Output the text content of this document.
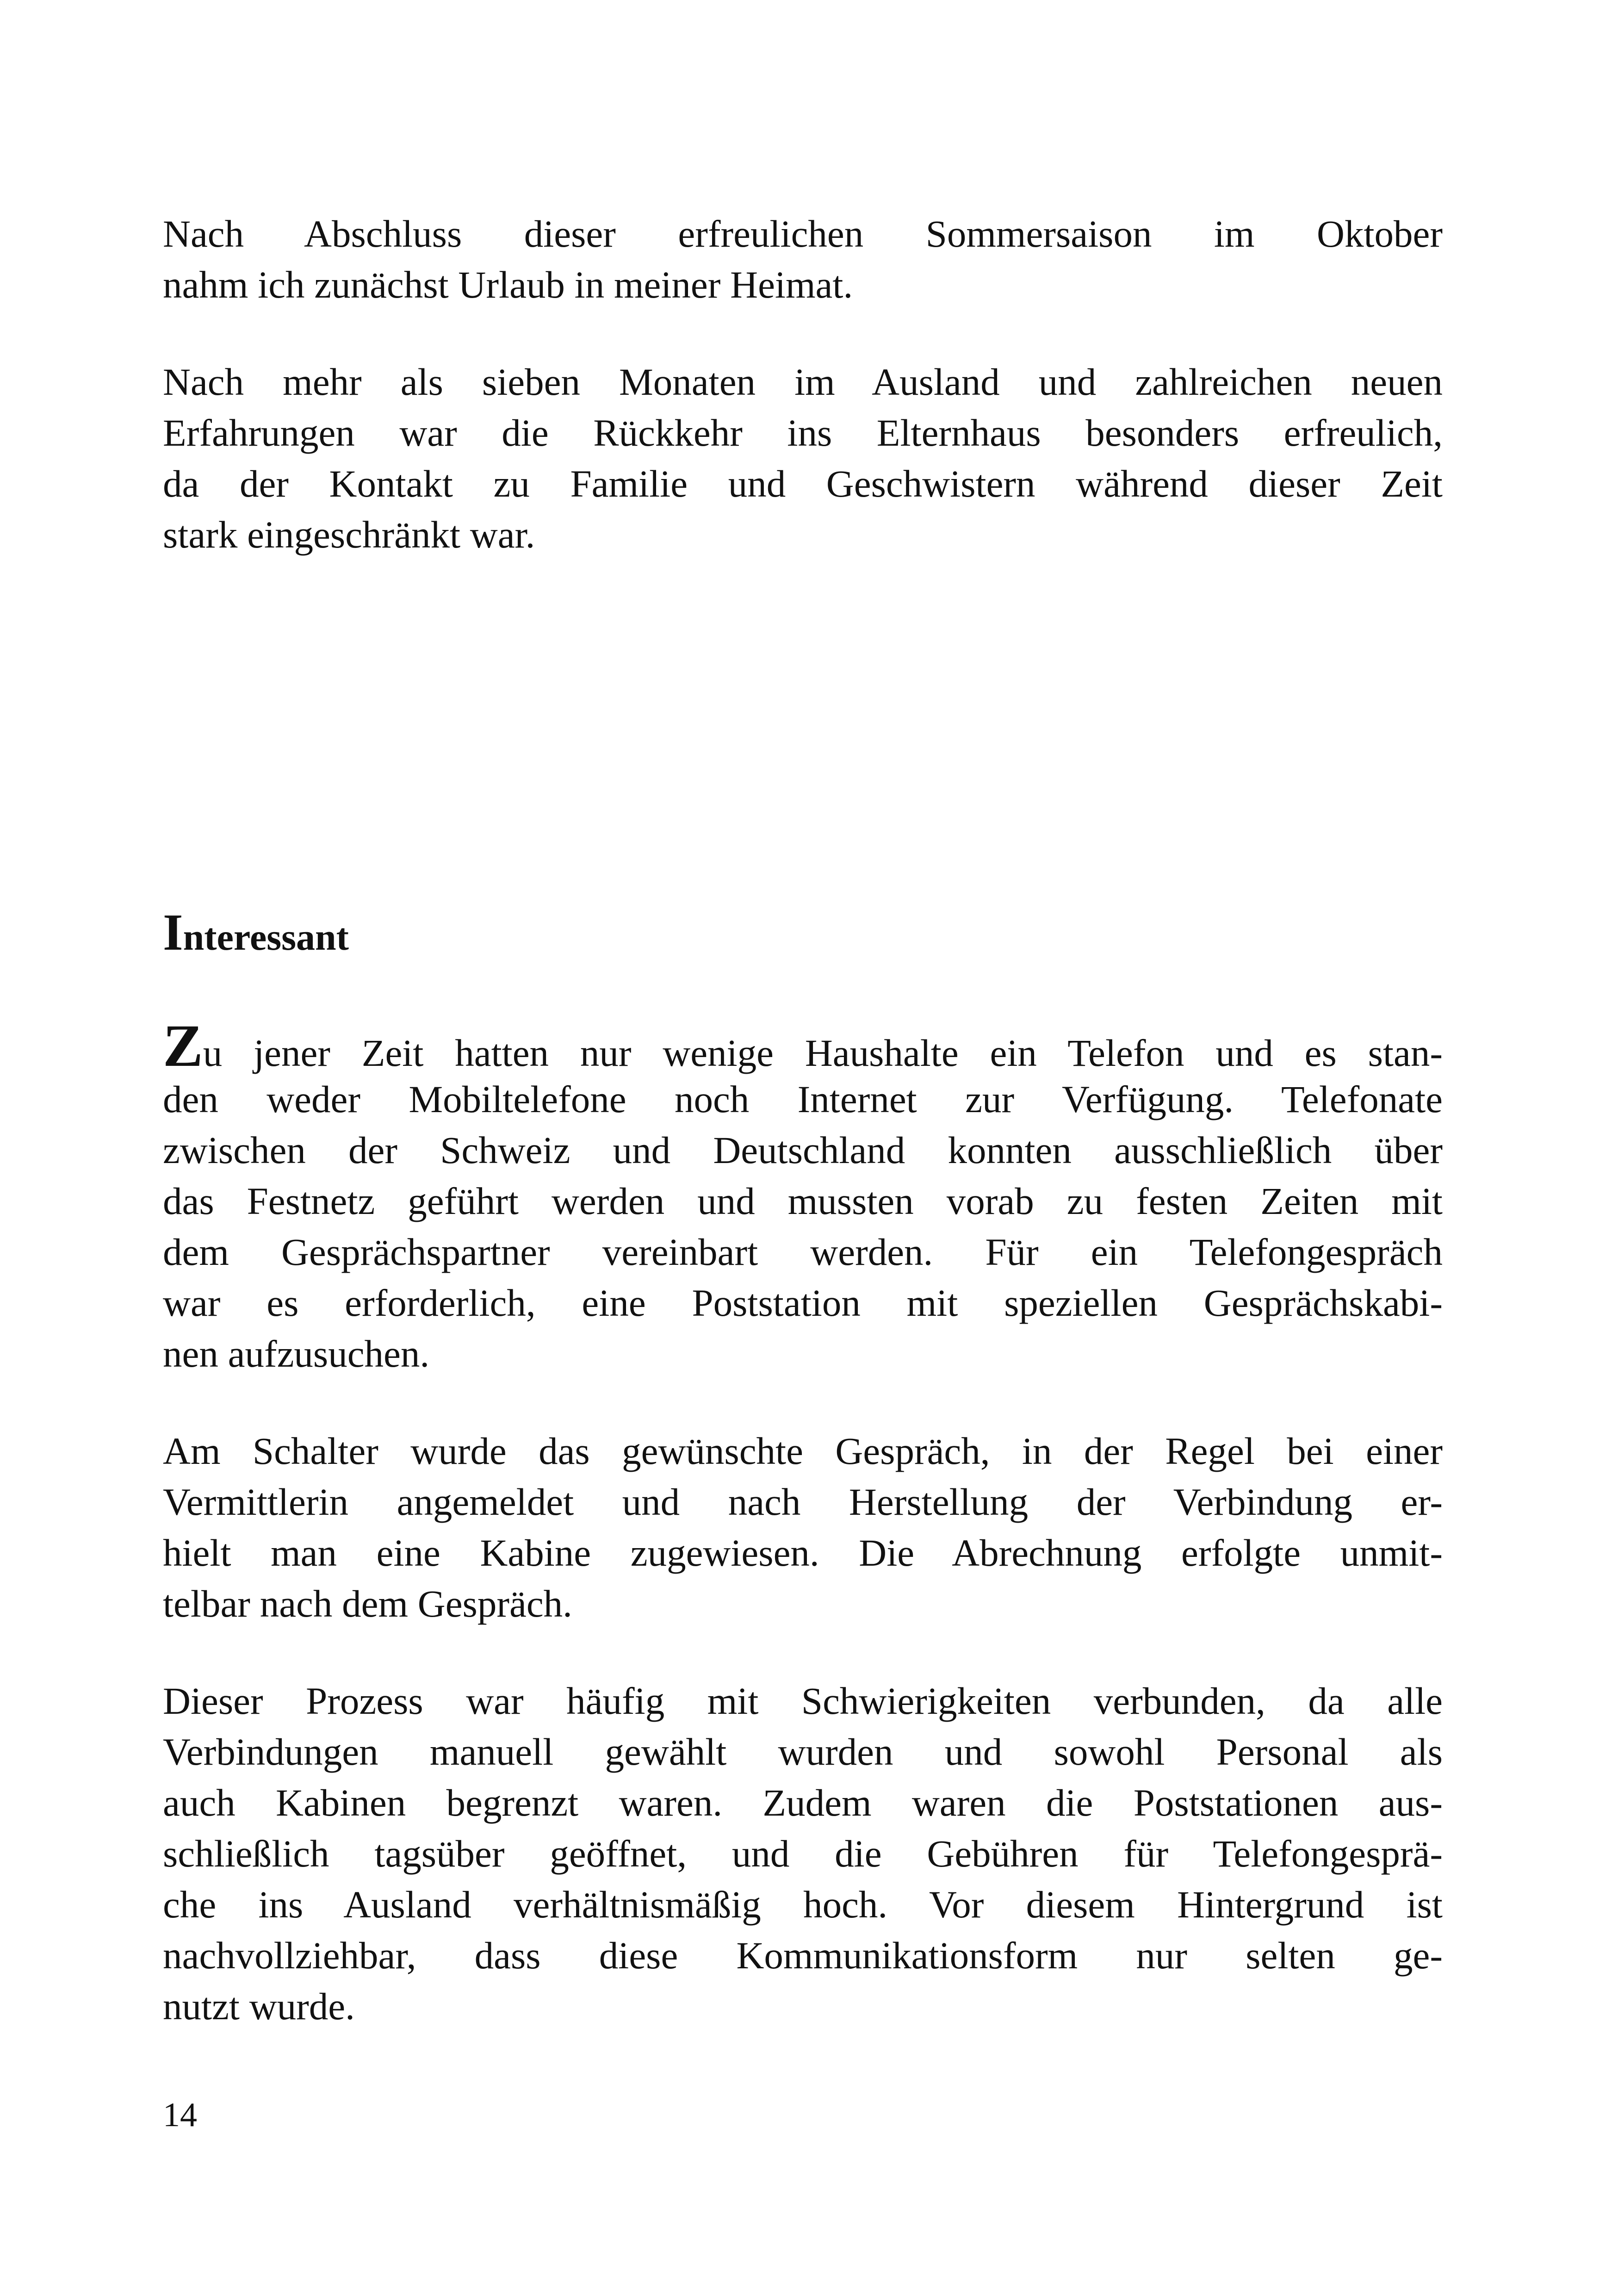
Nach Abschluss dieser erfreulichen Sommersaison im Oktober
nahm ich zunächst Urlaub in meiner Heimat.
Nach mehr als sieben Monaten im Ausland und zahlreichen neuen
Erfahrungen war die Rückkehr ins Elternhaus besonders erfreulich,
da der Kontakt zu Familie und Geschwistern während dieser Zeit
stark eingeschränkt war.
Interessant
Zu jener Zeit hatten nur wenige Haushalte ein Telefon und es stan-
den weder Mobiltelefone noch Internet zur Verfügung. Telefonate
zwischen der Schweiz und Deutschland konnten ausschließlich über
das Festnetz geführt werden und mussten vorab zu festen Zeiten mit
dem Gesprächspartner vereinbart werden. Für ein Telefongespräch
war es erforderlich, eine Poststation mit speziellen Gesprächskabi-
nen aufzusuchen.
Am Schalter wurde das gewünschte Gespräch, in der Regel bei einer
Vermittlerin angemeldet und nach Herstellung der Verbindung er-
hielt man eine Kabine zugewiesen. Die Abrechnung erfolgte unmit-
telbar nach dem Gespräch.
Dieser Prozess war häufig mit Schwierigkeiten verbunden, da alle
Verbindungen manuell gewählt wurden und sowohl Personal als
auch Kabinen begrenzt waren. Zudem waren die Poststationen aus-
schließlich tagsüber geöffnet, und die Gebühren für Telefongesprä-
che ins Ausland verhältnismäßig hoch. Vor diesem Hintergrund ist
nachvollziehbar, dass diese Kommunikationsform nur selten ge-
nutzt wurde.
14
